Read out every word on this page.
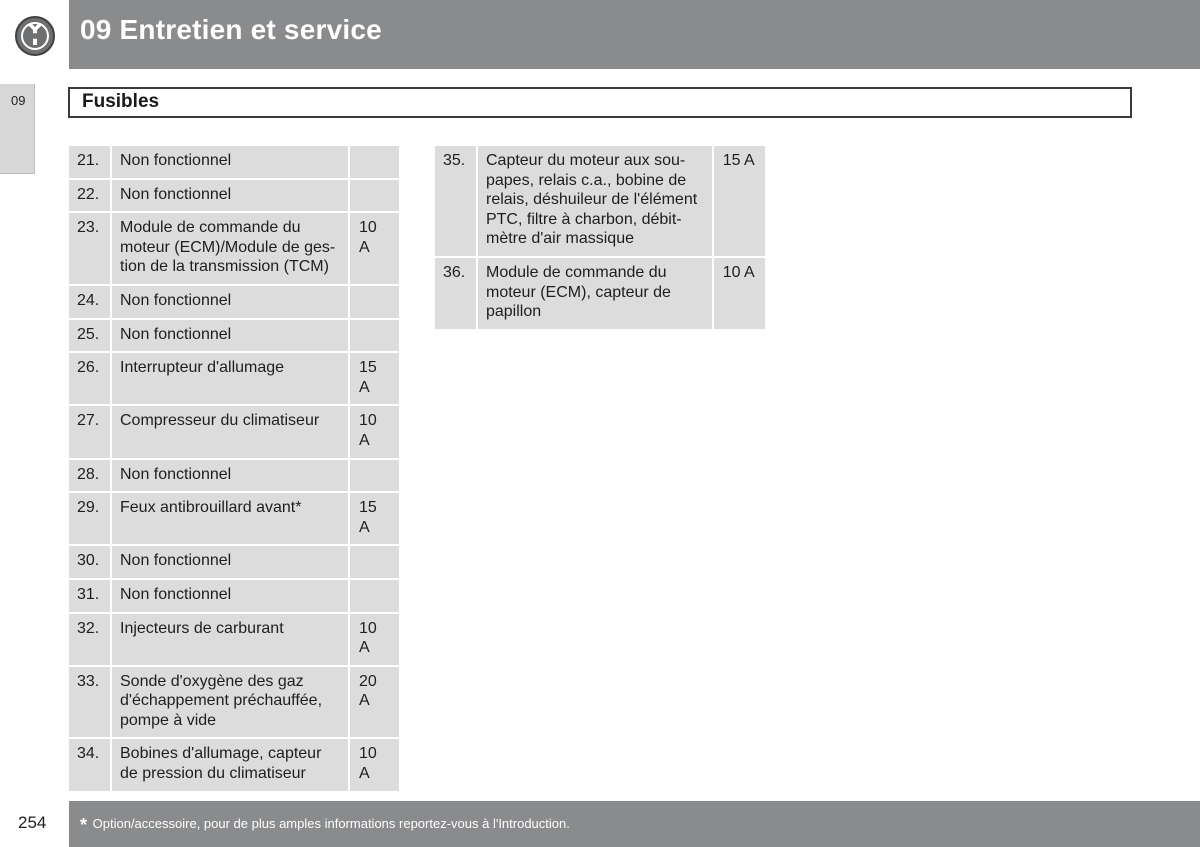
09 Entretien et service
09	Fusibles
21.	Non fonctionnel	
22.	Non fonctionnel	
23.	Module de commande du moteur (ECM)/Module de ges-tion de la transmission (TCM)	10 A
24.	Non fonctionnel	
25.	Non fonctionnel	
26.	Interrupteur d'allumage	15 A
27.	Compresseur du climatiseur	10 A
28.	Non fonctionnel	
29.	Feux antibrouillard avant*	15 A
30.	Non fonctionnel	
31.	Non fonctionnel	
32.	Injecteurs de carburant	10 A
33.	Sonde d'oxygène des gaz d'échappement préchauffée, pompe à vide	20 A
34.	Bobines d'allumage, capteur de pression du climatiseur	10 A
35.	Capteur du moteur aux sou-papes, relais c.a., bobine de relais, déshuileur de l'élément PTC, filtre à charbon, débit-mètre d'air massique	15 A
36.	Module de commande du moteur (ECM), capteur de papillon	10 A
254 * Option/accessoire, pour de plus amples informations reportez-vous à l'Introduction.
